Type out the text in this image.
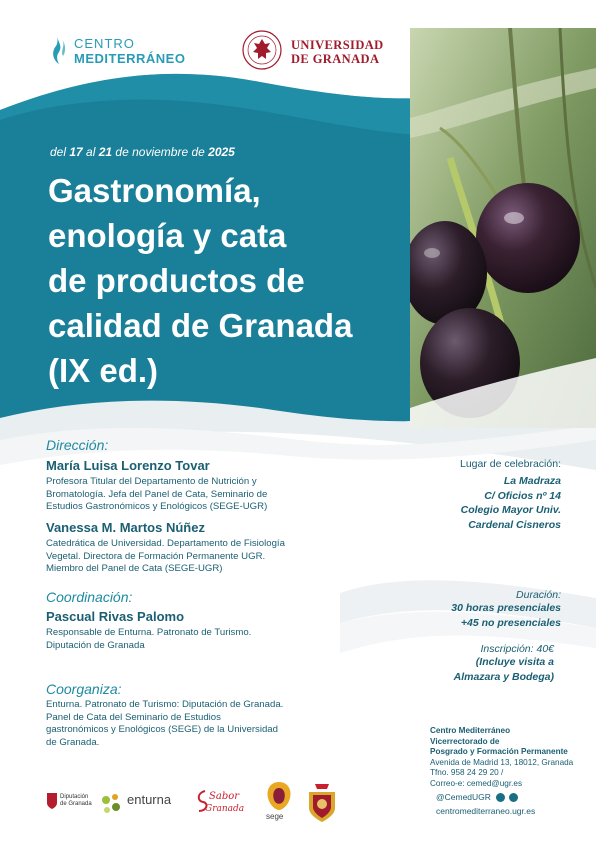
CENTRO
MEDITERRÁNEO
UNIVERSIDAD
DE GRANADA
del 17 al 21 de noviembre de 2025
Gastronomía,
enología y cata
de productos de
calidad de Granada
(IX ed.)

Dirección:

María Luisa Lorenzo Tovar

Profesora Titular del Departamento de Nutrición y
Bromatología. Jefa del Panel de Cata, Seminario de
Estudios Gastronómicos y Enológicos (SEGE-UGR)

Vanessa M. Martos Núñez

Catedrática de Universidad. Departamento de Fisiología
Vegetal. Directora de Formación Permanente UGR.
Miembro del Panel de Cata (SEGE-UGR)

Coordinación:

Pascual Rivas Palomo

Responsable de Enturna. Patronato de Turismo.
Diputación de Granada

Coorganiza:

Enturna. Patronato de Turismo: Diputación de Granada.
Panel de Cata del Seminario de Estudios
gastronómicos y Enológicos (SEGE) de la Universidad
de Granada.

Lugar de celebración:
La Madraza
C/ Oficios nº 14
Colegio Mayor Univ.
Cardenal Cisneros
Duración:
30 horas presenciales
+45 no presenciales
Inscripción: 40€
(Incluye visita a
Almazara y Bodega)
Centro Mediterráneo
Vicerrectorado de
Posgrado y Formación Permanente
Avenida de Madrid 13, 18012, Granada
Tfno. 958 24 29 20 /
Correo-e: cemed@ugr.es
@CemedUGR
centromediterraneo.ugr.es
Diputación
de Granada	enturna	Sabor
Granada
sege
